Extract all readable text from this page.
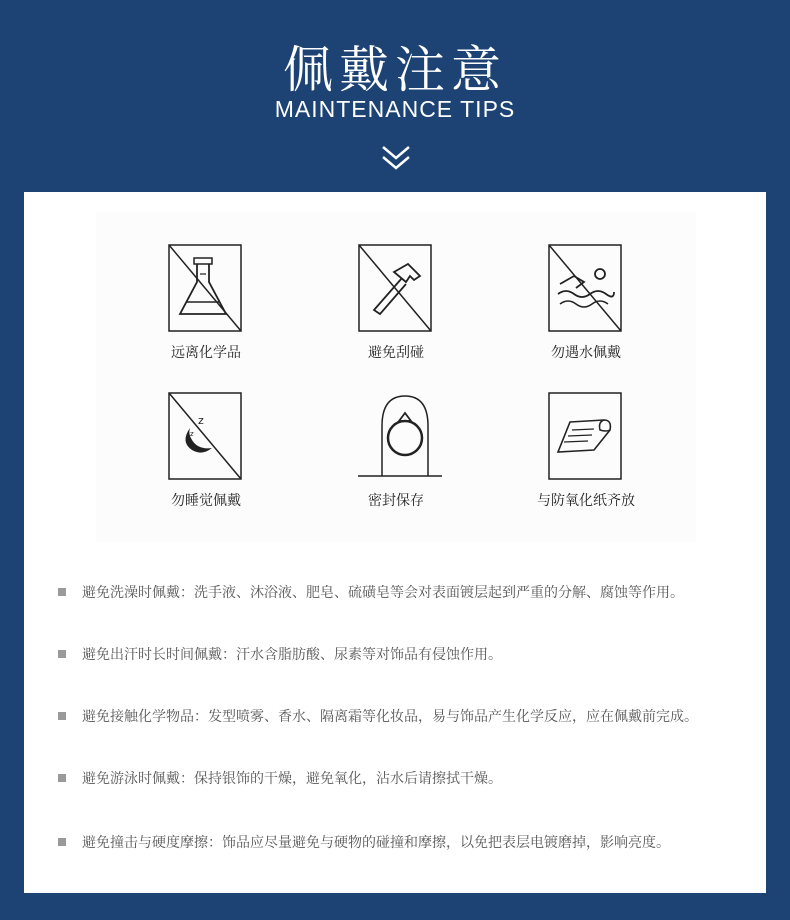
佩戴注意
MAINTENANCE TIPS
远离化学品	避免刮碰	勿遇水佩戴
z
z
勿睡觉佩戴	密封保存	与防氧化纸齐放
避免洗澡时佩戴：洗手液、沐浴液、肥皂、硫磺皂等会对表面镀层起到严重的分解、腐蚀等作用。
避免出汗时长时间佩戴：汗水含脂肪酸、尿素等对饰品有侵蚀作用。
避免接触化学物品：发型喷雾、香水、隔离霜等化妆品，易与饰品产生化学反应，应在佩戴前完成。
避免游泳时佩戴：保持银饰的干燥，避免氧化，沾水后请擦拭干燥。
避免撞击与硬度摩擦：饰品应尽量避免与硬物的碰撞和摩擦，以免把表层电镀磨掉，影响亮度。
